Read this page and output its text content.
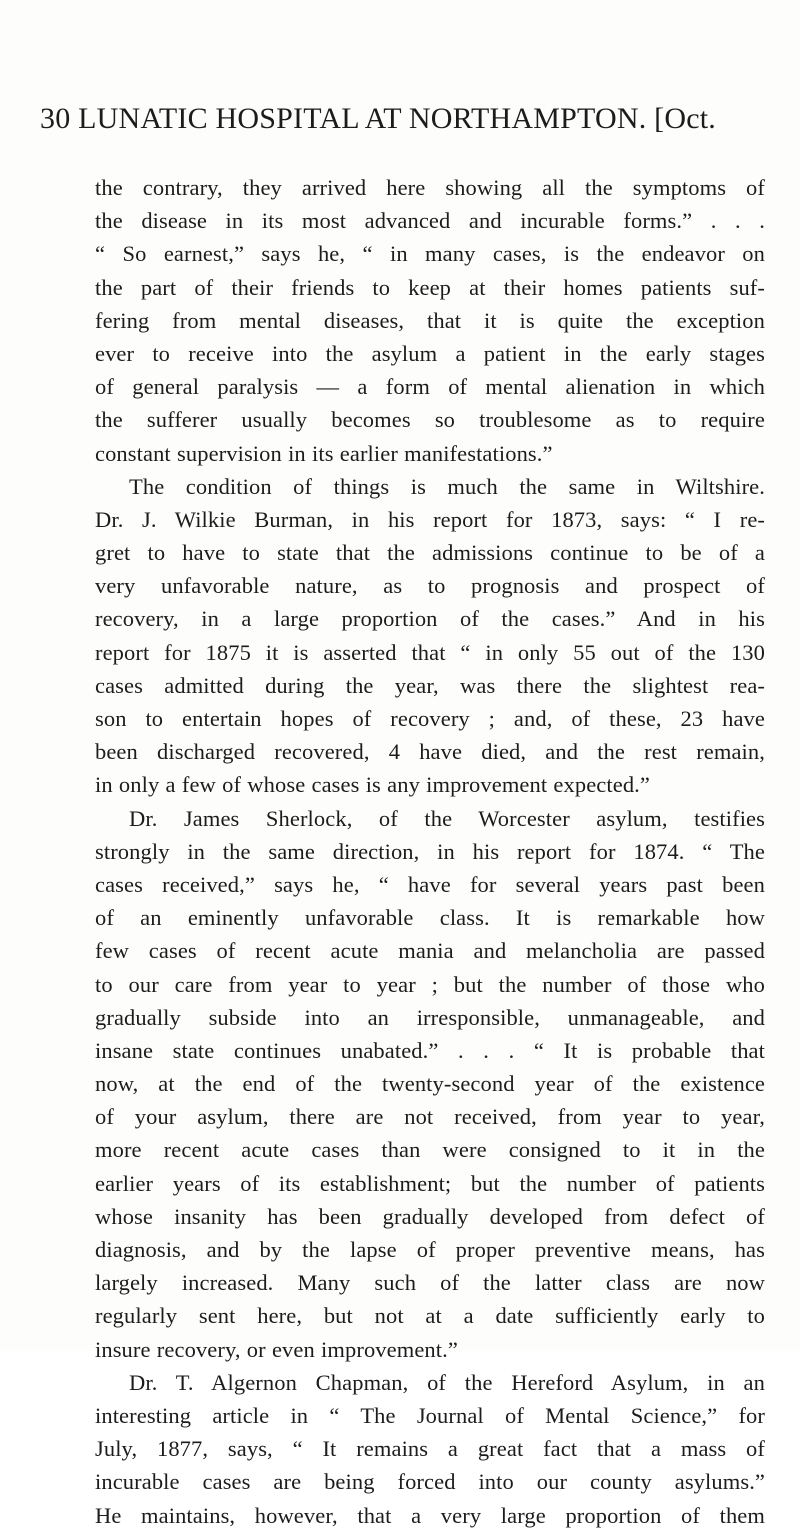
30 LUNATIC HOSPITAL AT NORTHAMPTON. [Oct.
the contrary, they arrived here showing all the symptoms of
the disease in its most advanced and incurable forms.” . . .
“ So earnest,” says he, “ in many cases, is the endeavor on
the part of their friends to keep at their homes patients suf-
fering from mental diseases, that it is quite the exception
ever to receive into the asylum a patient in the early stages
of general paralysis — a form of mental alienation in which
the sufferer usually becomes so troublesome as to require
constant supervision in its earlier manifestations.”
The condition of things is much the same in Wiltshire.
Dr. J. Wilkie Burman, in his report for 1873, says: “ I re-
gret to have to state that the admissions continue to be of a
very unfavorable nature, as to prognosis and prospect of
recovery, in a large proportion of the cases.” And in his
report for 1875 it is asserted that “ in only 55 out of the 130
cases admitted during the year, was there the slightest rea-
son to entertain hopes of recovery ; and, of these, 23 have
been discharged recovered, 4 have died, and the rest remain,
in only a few of whose cases is any improvement expected.”
Dr. James Sherlock, of the Worcester asylum, testifies
strongly in the same direction, in his report for 1874. “ The
cases received,” says he, “ have for several years past been
of an eminently unfavorable class. It is remarkable how
few cases of recent acute mania and melancholia are passed
to our care from year to year ; but the number of those who
gradually subside into an irresponsible, unmanageable, and
insane state continues unabated.” . . . “ It is probable that
now, at the end of the twenty-second year of the existence
of your asylum, there are not received, from year to year,
more recent acute cases than were consigned to it in the
earlier years of its establishment; but the number of patients
whose insanity has been gradually developed from defect of
diagnosis, and by the lapse of proper preventive means, has
largely increased. Many such of the latter class are now
regularly sent here, but not at a date sufficiently early to
insure recovery, or even improvement.”
Dr. T. Algernon Chapman, of the Hereford Asylum, in an
interesting article in “ The Journal of Mental Science,” for
July, 1877, says, “ It remains a great fact that a mass of
incurable cases are being forced into our county asylums.”
He maintains, however, that a very large proportion of them
